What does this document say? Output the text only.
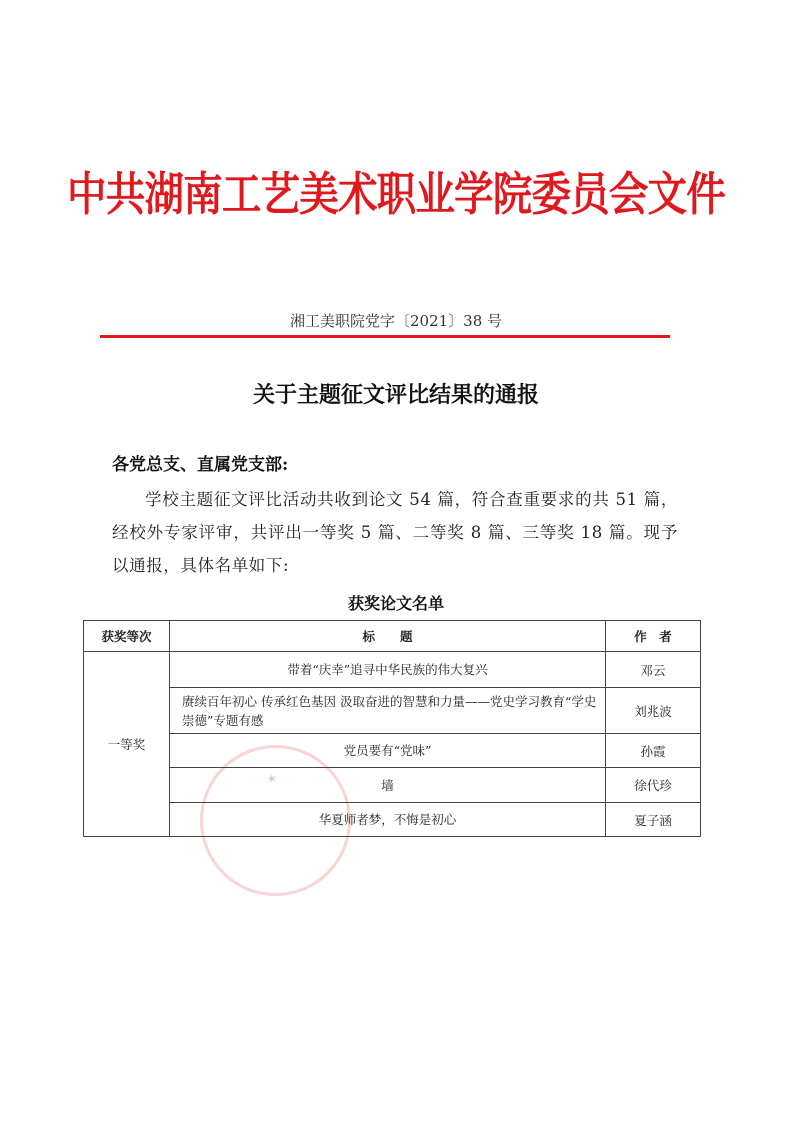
中共湖南工艺美术职业学院委员会文件
湘工美职院党字〔2021〕38 号
关于主题征文评比结果的通报
各党总支、直属党支部:
学校主题征文评比活动共收到论文 54 篇，符合查重要求的共 51 篇，经校外专家评审，共评出一等奖 5 篇、二等奖 8 篇、三等奖 18 篇。现予以通报，具体名单如下:
获奖论文名单
★
获奖等次	标　　题	作　者
一等奖	带着“庆幸”追寻中华民族的伟大复兴	邓云
	赓续百年初心 传承红色基因 汲取奋进的智慧和力量——党史学习教育“学史崇德”专题有感	刘兆波
	党员要有“党味”	孙霞
	墙	徐代珍
	华夏师者梦，不悔是初心	夏子涵
